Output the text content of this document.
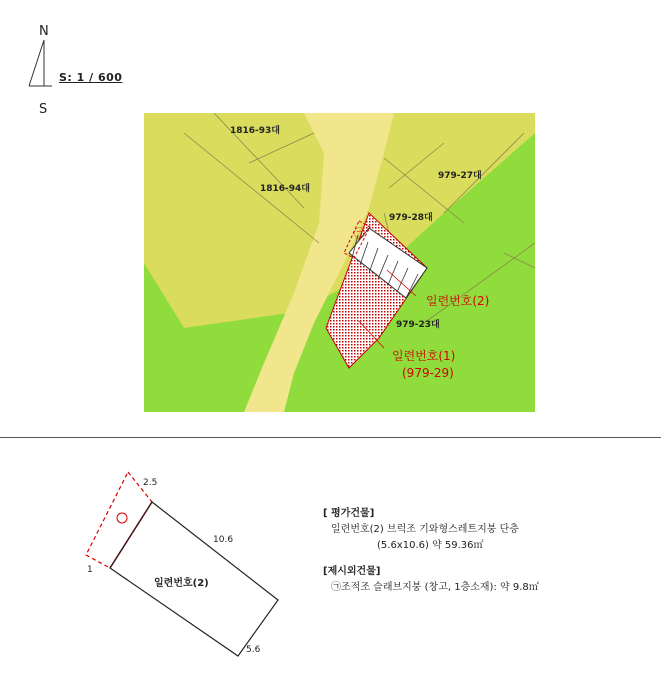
N
S: 1 / 600
S
1816-93대
1816-94대
979-27대
979-28대
979-23대
㉠
일련번호(2)
일련번호(1)
(979-29)
2.5
10.6
5.6
1
일련번호(2)
[ 평가건물]
일련번호(2) 브럭조 기와형스레트지붕 단층
(5.6x10.6) 약 59.36㎡
[제시외건물]
㉠조적조 슬래브지붕 (창고, 1층소재): 약 9.8㎡
